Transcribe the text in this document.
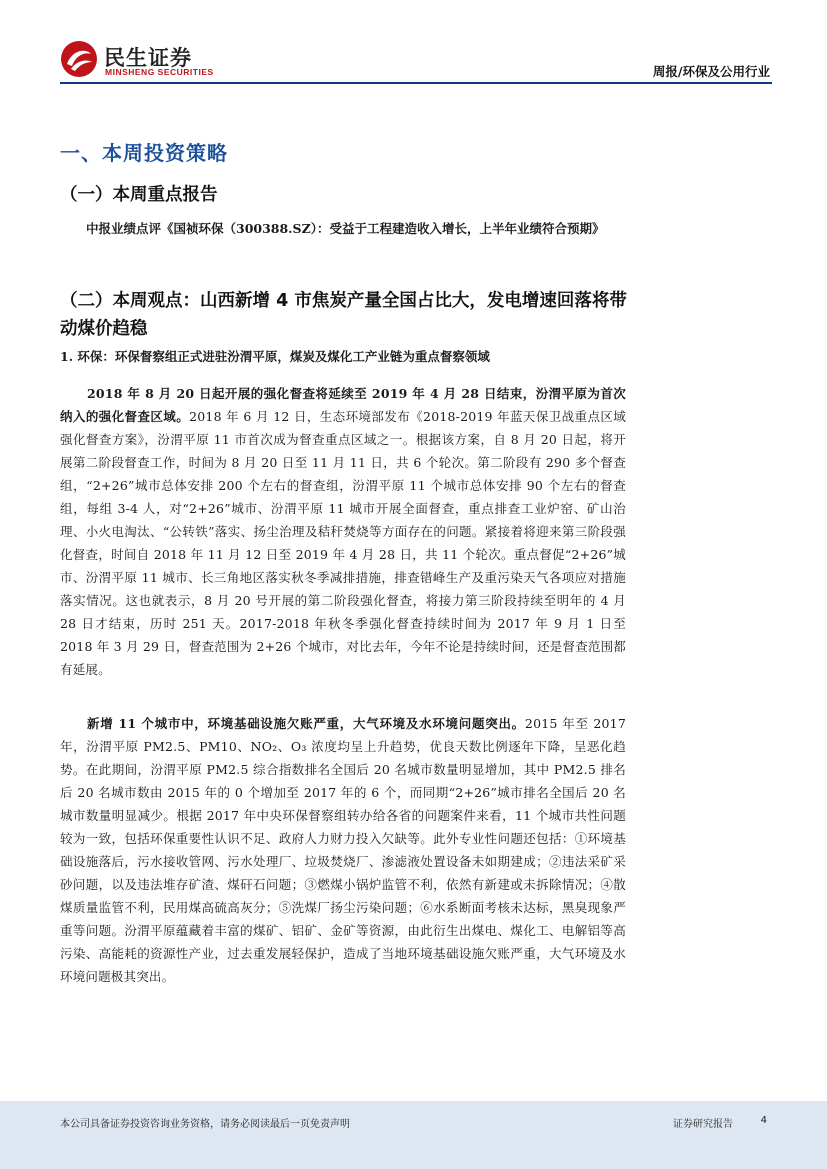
民生证券
MINSHENG SECURITIES	周报/环保及公用行业
一、本周投资策略
（一）本周重点报告
中报业绩点评《国祯环保（300388.SZ）：受益于工程建造收入增长，上半年业绩符合预期》
（二）本周观点：山西新增 4 市焦炭产量全国占比大，发电增速回落将带动煤价趋稳
1. 环保：环保督察组正式进驻汾渭平原，煤炭及煤化工产业链为重点督察领域

2018 年 8 月 20 日起开展的强化督查将延续至 2019 年 4 月 28 日结束，汾渭平原为首次纳入的强化督查区域。2018 年 6 月 12 日，生态环境部发布《2018-2019 年蓝天保卫战重点区域强化督查方案》，汾渭平原 11 市首次成为督查重点区域之一。根据该方案，自 8 月 20 日起，将开展第二阶段督查工作，时间为 8 月 20 日至 11 月 11 日，共 6 个轮次。第二阶段有 290 多个督查组，“2+26”城市总体安排 200 个左右的督查组，汾渭平原 11 个城市总体安排 90 个左右的督查组，每组 3-4 人，对“2+26”城市、汾渭平原 11 城市开展全面督查，重点排查工业炉窑、矿山治理、小火电淘汰、“公转铁”落实、扬尘治理及秸秆焚烧等方面存在的问题。紧接着将迎来第三阶段强化督查，时间自 2018 年 11 月 12 日至 2019 年 4 月 28 日，共 11 个轮次。重点督促“2+26”城市、汾渭平原 11 城市、长三角地区落实秋冬季减排措施，排查错峰生产及重污染天气各项应对措施落实情况。这也就表示，8 月 20 号开展的第二阶段强化督查，将接力第三阶段持续至明年的 4 月 28 日才结束，历时 251 天。2017-2018 年秋冬季强化督查持续时间为 2017 年 9 月 1 日至 2018 年 3 月 29 日，督查范围为 2+26 个城市，对比去年，今年不论是持续时间，还是督查范围都有延展。

新增 11 个城市中，环境基础设施欠账严重，大气环境及水环境问题突出。2015 年至 2017 年，汾渭平原 PM2.5、PM10、NO₂、O₃ 浓度均呈上升趋势，优良天数比例逐年下降，呈恶化趋势。在此期间，汾渭平原 PM2.5 综合指数排名全国后 20 名城市数量明显增加，其中 PM2.5 排名后 20 名城市数由 2015 年的 0 个增加至 2017 年的 6 个，而同期“2+26”城市排名全国后 20 名城市数量明显减少。根据 2017 年中央环保督察组转办给各省的问题案件来看，11 个城市共性问题较为一致，包括环保重要性认识不足、政府人力财力投入欠缺等。此外专业性问题还包括：①环境基础设施落后，污水接收管网、污水处理厂、垃圾焚烧厂、渗滤液处置设备未如期建成；②违法采矿采砂问题，以及违法堆存矿渣、煤矸石问题；③燃煤小锅炉监管不利，依然有新建或未拆除情况；④散煤质量监管不利，民用煤高硫高灰分；⑤洗煤厂扬尘污染问题；⑥水系断面考核未达标，黑臭现象严重等问题。汾渭平原蕴藏着丰富的煤矿、铝矿、金矿等资源，由此衍生出煤电、煤化工、电解铝等高污染、高能耗的资源性产业，过去重发展轻保护，造成了当地环境基础设施欠账严重，大气环境及水环境问题极其突出。

本公司具备证券投资咨询业务资格，请务必阅读最后一页免责声明	证券研究报告	4
